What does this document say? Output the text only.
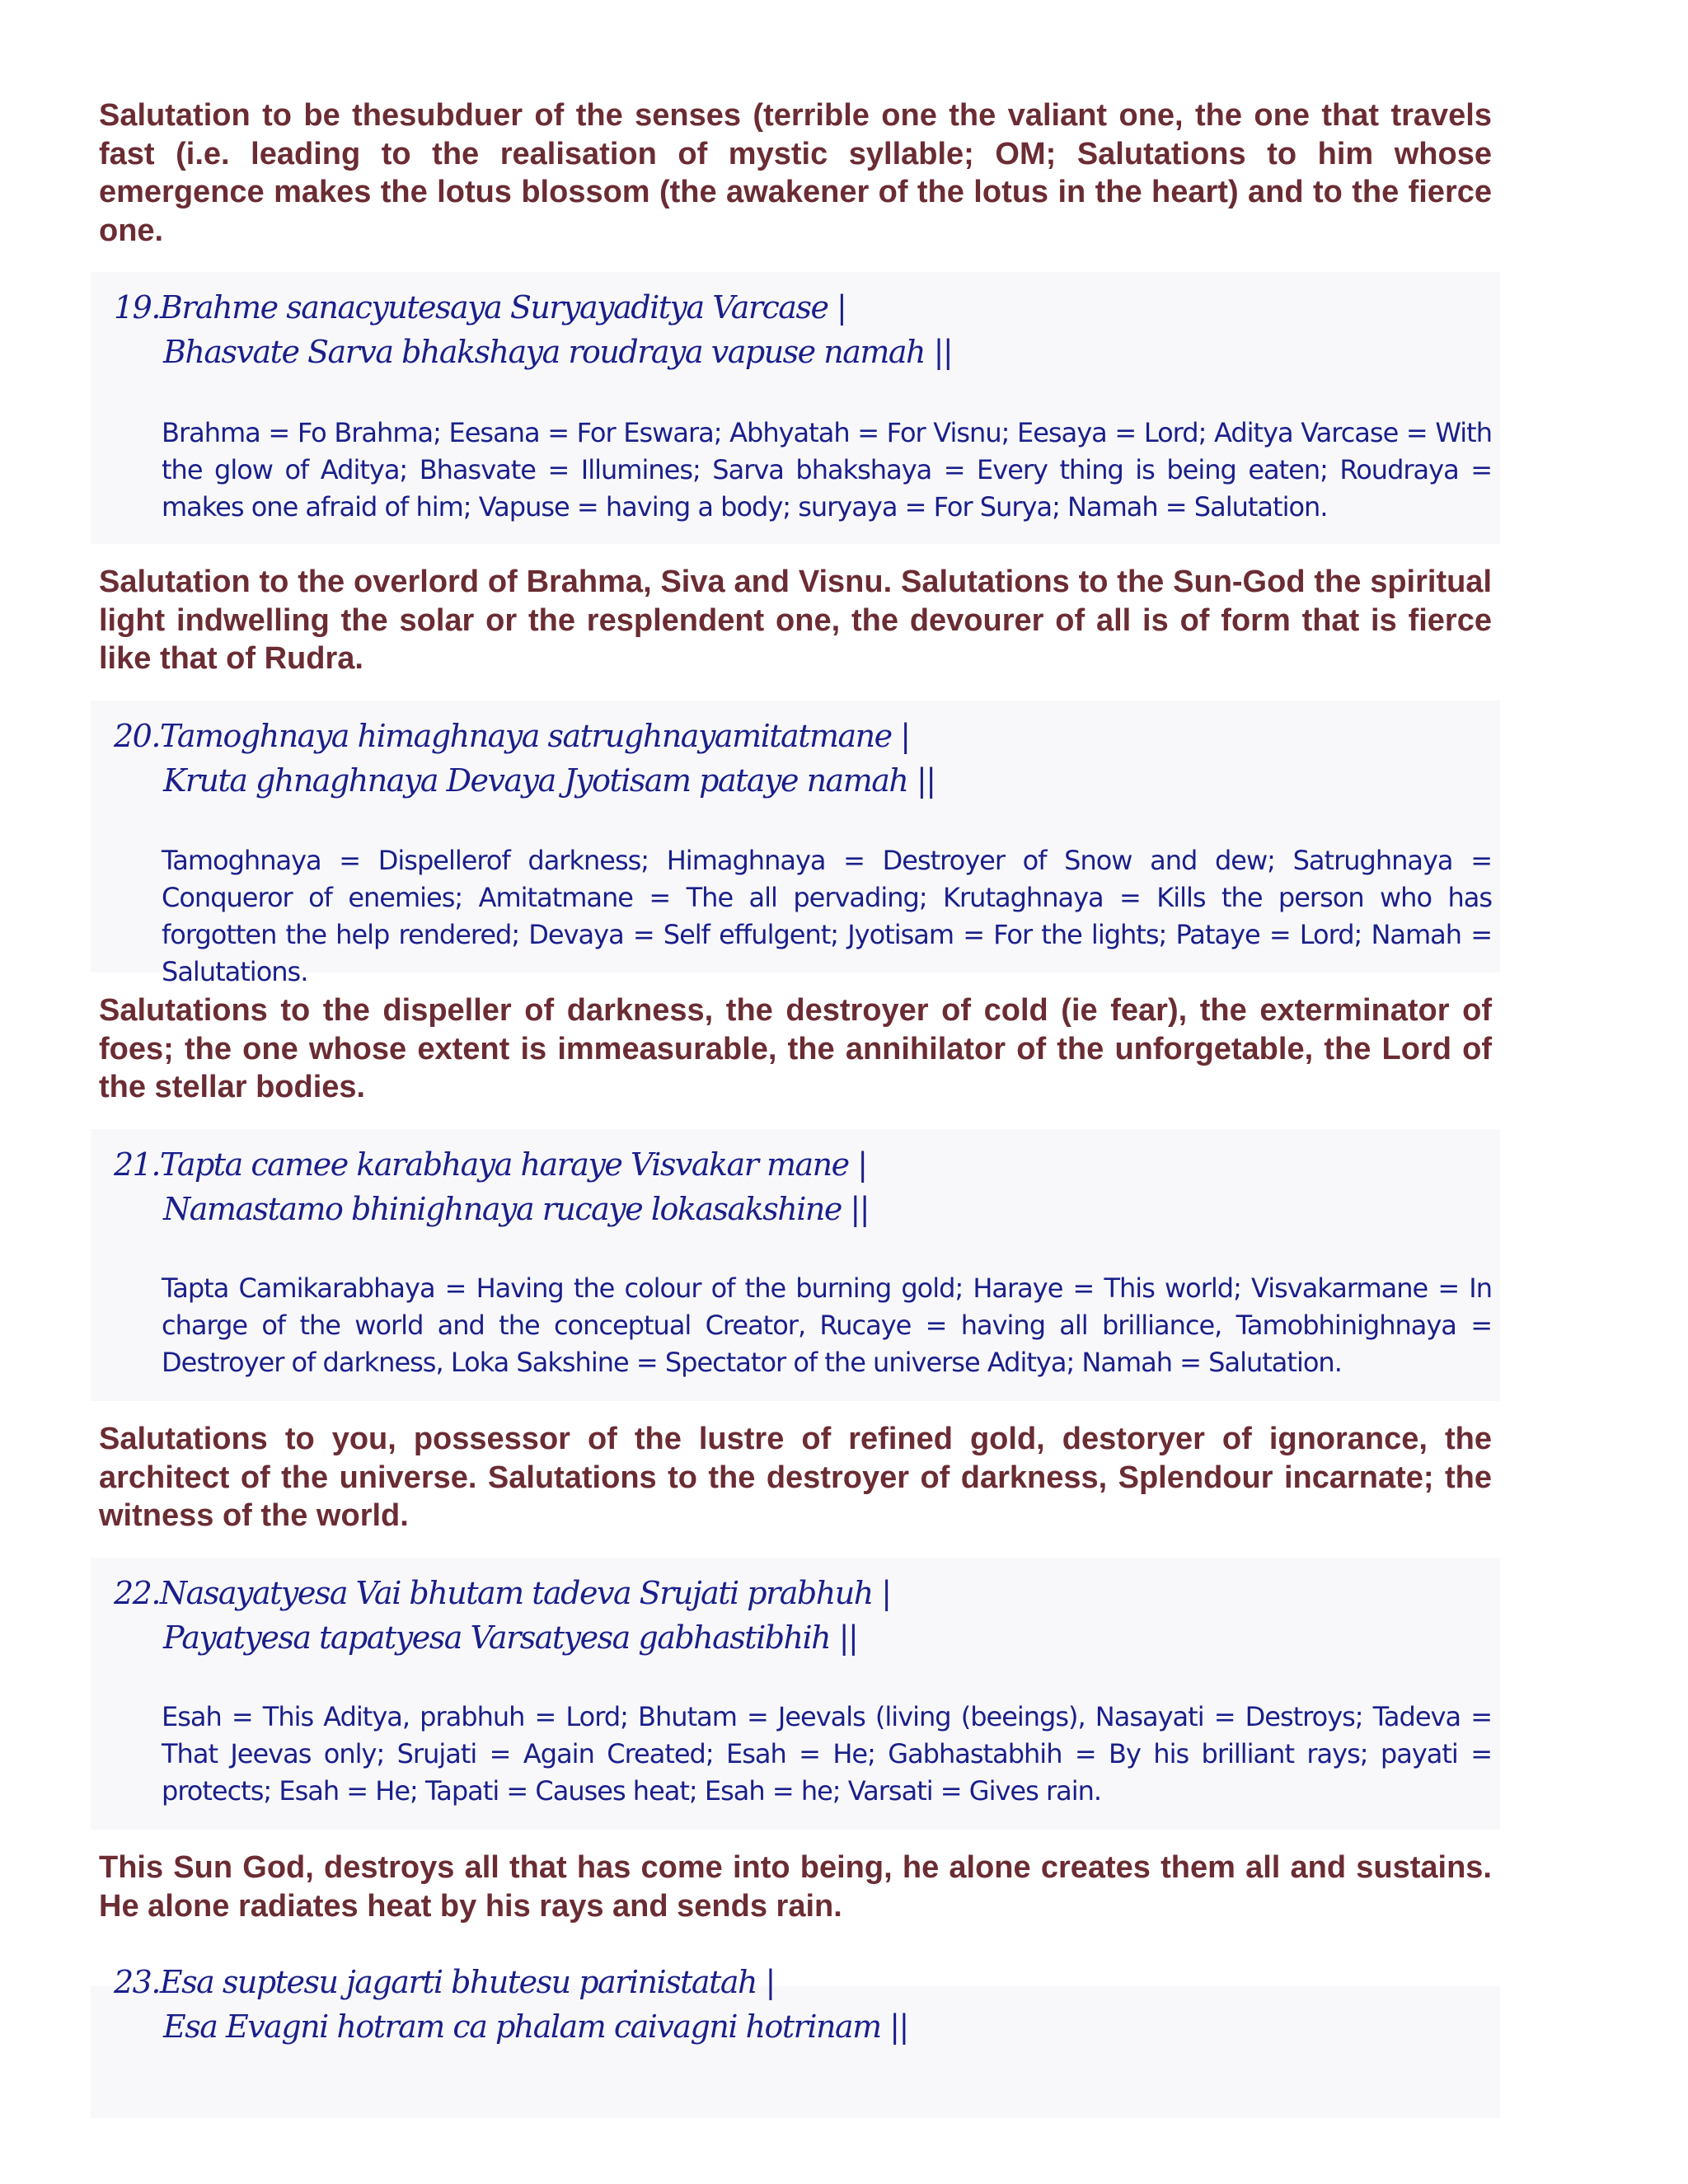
Salutation to be thesubduer of the senses (terrible one the valiant one, the one that travels fast (i.e. leading to the realisation of mystic syllable; OM; Salutations to him whose emergence makes the lotus blossom (the awakener of the lotus in the heart) and to the fierce one.

19.Brahme sanacyutesaya Suryayaditya Varcase |
Bhasvate Sarva bhakshaya roudraya vapuse namah ||

Brahma = Fo Brahma; Eesana = For Eswara; Abhyatah = For Visnu; Eesaya = Lord; Aditya Varcase = With the glow of Aditya; Bhasvate = Illumines; Sarva bhakshaya = Every thing is being eaten; Roudraya = makes one afraid of him; Vapuse = having a body; suryaya = For Surya; Namah = Salutation.

Salutation to the overlord of Brahma, Siva and Visnu. Salutations to the Sun-God the spiritual light indwelling the solar or the resplendent one, the devourer of all is of form that is fierce like that of Rudra.

20.Tamoghnaya himaghnaya satrughnayamitatmane |
Kruta ghnaghnaya Devaya Jyotisam pataye namah ||

Tamoghnaya = Dispellerof darkness; Himaghnaya = Destroyer of Snow and dew; Satrughnaya = Conqueror of enemies; Amitatmane = The all pervading; Krutaghnaya = Kills the person who has forgotten the help rendered; Devaya = Self effulgent; Jyotisam = For the lights; Pataye = Lord; Namah = Salutations.

Salutations to the dispeller of darkness, the destroyer of cold (ie fear), the exterminator of foes; the one whose extent is immeasurable, the annihilator of the unforgetable, the Lord of the stellar bodies.

21.Tapta camee karabhaya haraye Visvakar mane |
Namastamo bhinighnaya rucaye lokasakshine ||

Tapta Camikarabhaya = Having the colour of the burning gold; Haraye = This world; Visvakarmane = In charge of the world and the conceptual Creator, Rucaye = having all brilliance, Tamobhinighnaya = Destroyer of darkness, Loka Sakshine = Spectator of the universe Aditya; Namah = Salutation.

Salutations to you, possessor of the lustre of refined gold, destoryer of ignorance, the architect of the universe. Salutations to the destroyer of darkness, Splendour incarnate; the witness of the world.

22.Nasayatyesa Vai bhutam tadeva Srujati prabhuh |
Payatyesa tapatyesa Varsatyesa gabhastibhih ||

Esah = This Aditya, prabhuh = Lord; Bhutam = Jeevals (living (beeings), Nasayati = Destroys; Tadeva = That Jeevas only; Srujati = Again Created; Esah = He; Gabhastabhih = By his brilliant rays; payati = protects; Esah = He; Tapati = Causes heat; Esah = he; Varsati = Gives rain.

This Sun God, destroys all that has come into being, he alone creates them all and sustains. He alone radiates heat by his rays and sends rain.

23.Esa suptesu jagarti bhutesu parinistatah |
Esa Evagni hotram ca phalam caivagni hotrinam ||
